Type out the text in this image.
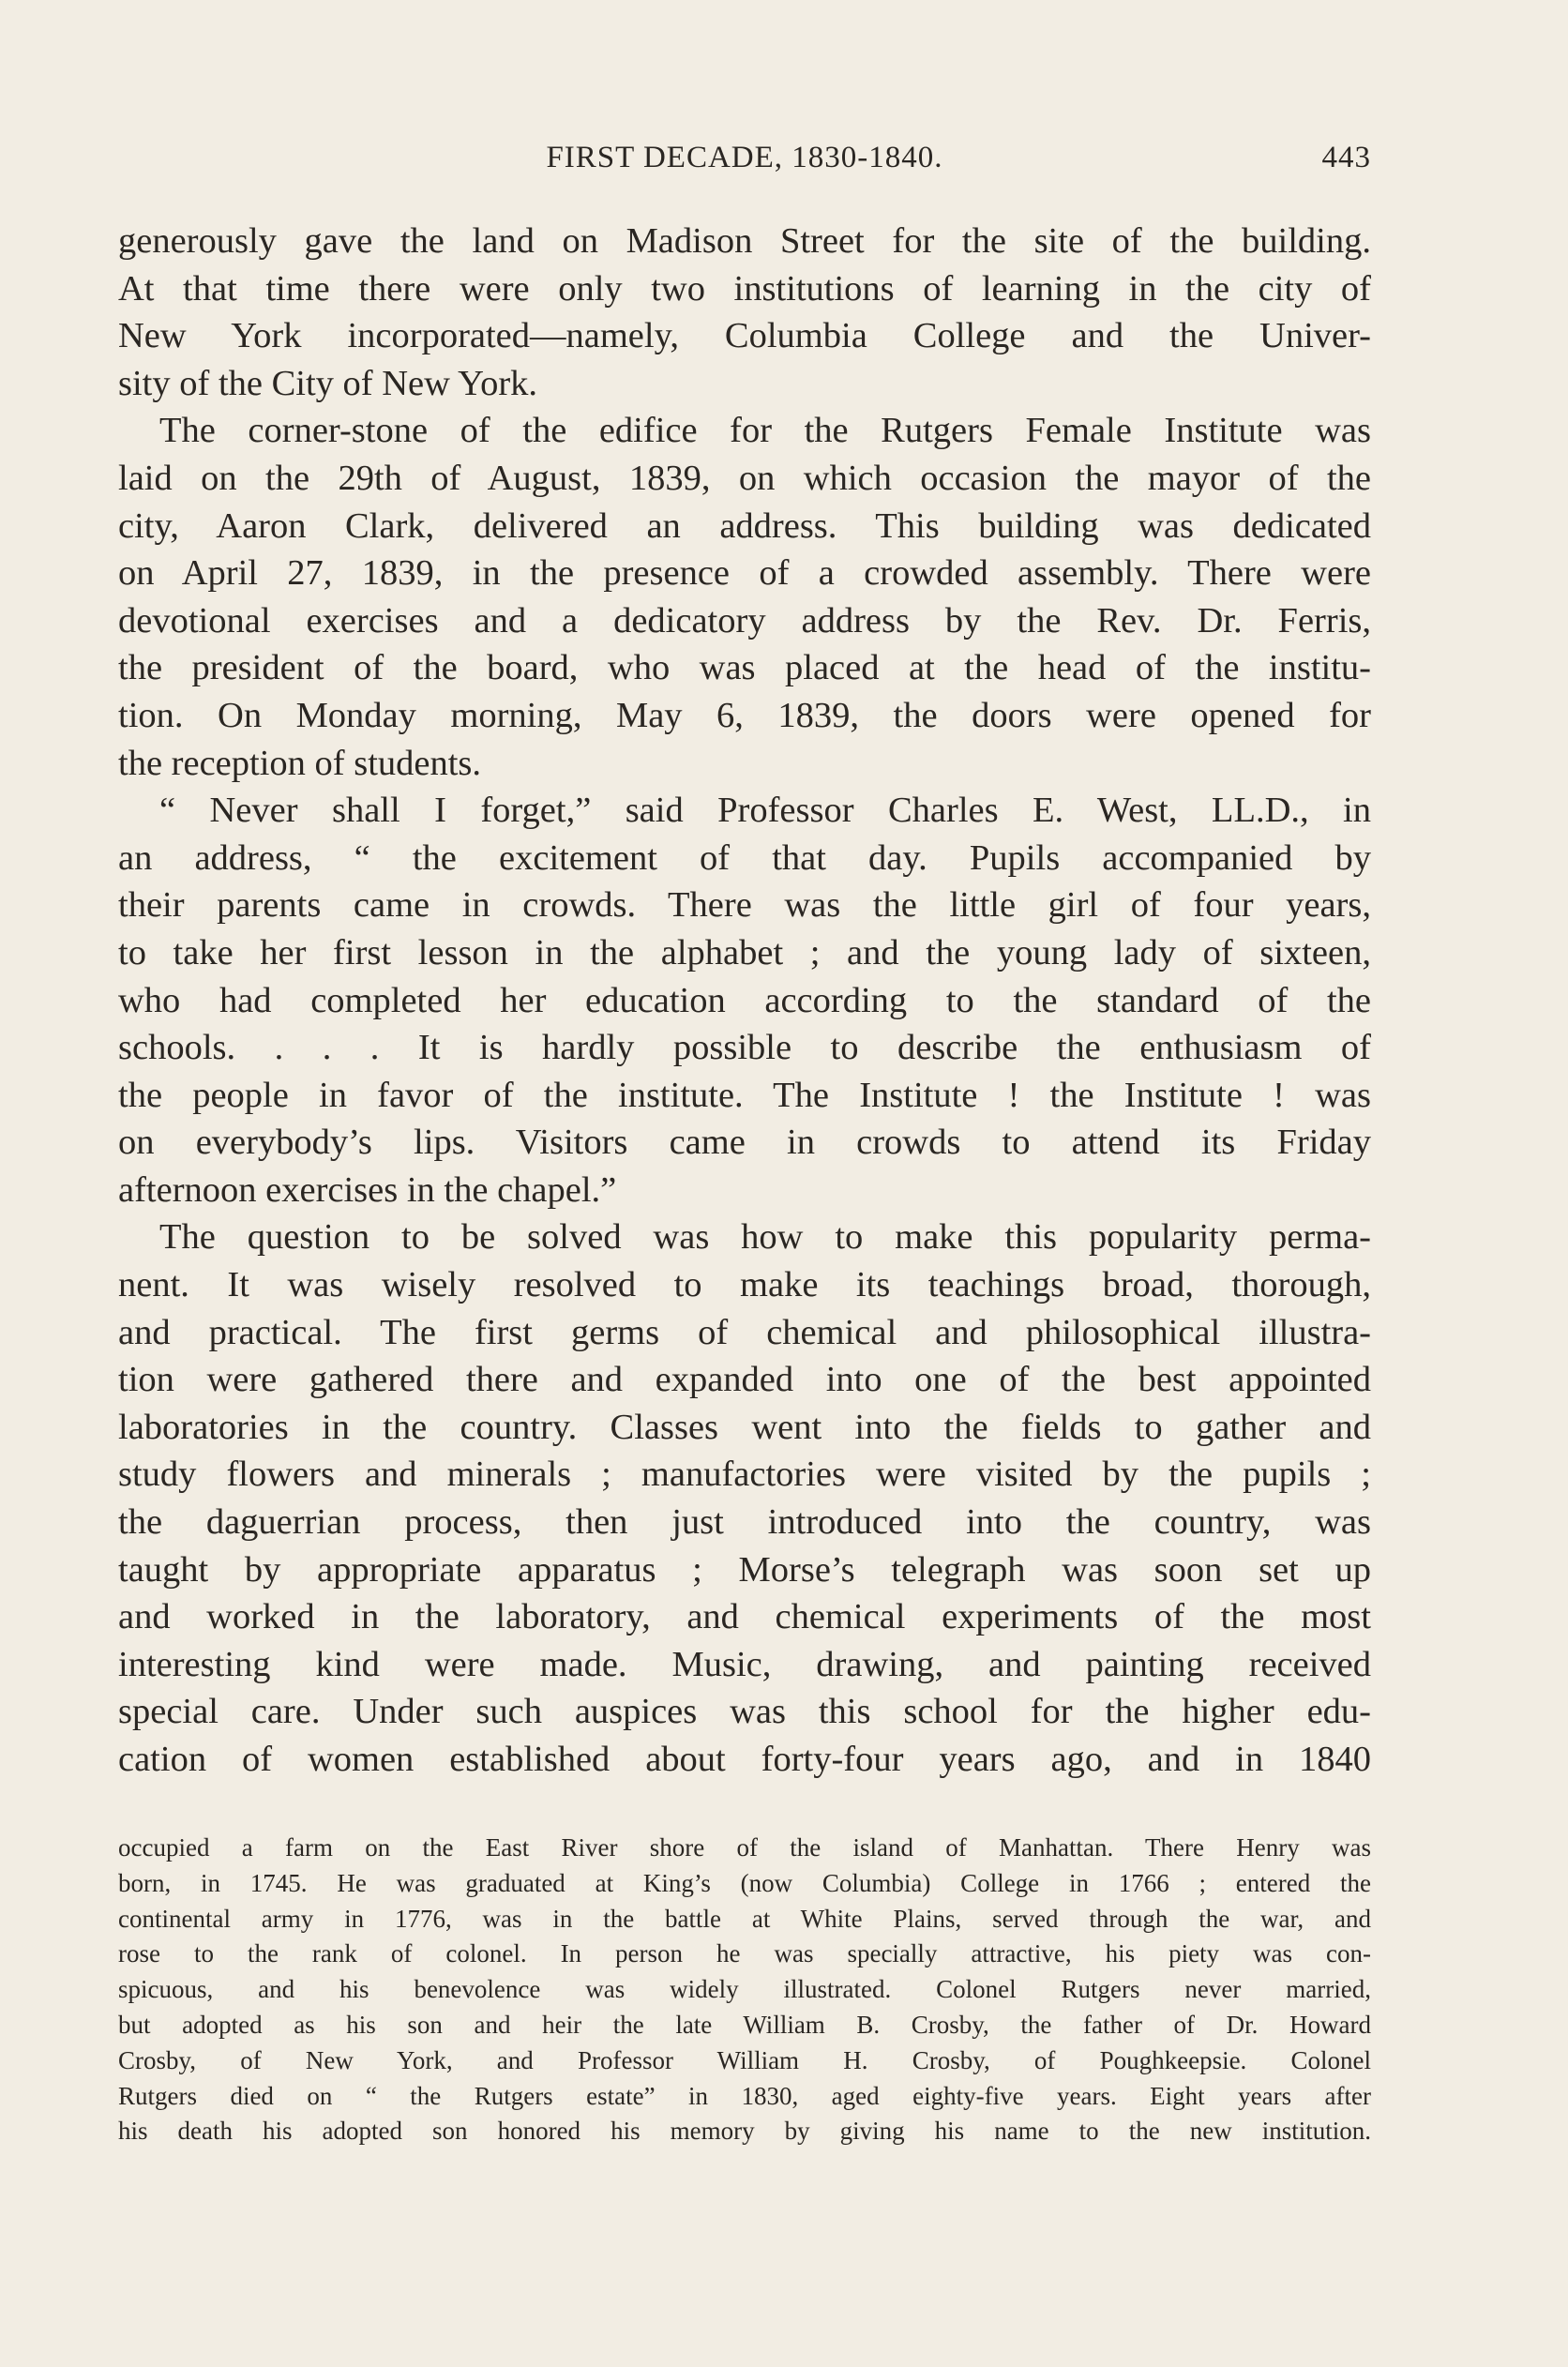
FIRST DECADE, 1830-1840.	443
generously gave the land on Madison Street for the site of the building.
At that time there were only two institutions of learning in the city of
New York incorporated—namely, Columbia College and the Univer-
sity of the City of New York.
The corner-stone of the edifice for the Rutgers Female Institute was
laid on the 29th of August, 1839, on which occasion the mayor of the
city, Aaron Clark, delivered an address. This building was dedicated
on April 27, 1839, in the presence of a crowded assembly. There were
devotional exercises and a dedicatory address by the Rev. Dr. Ferris,
the president of the board, who was placed at the head of the institu-
tion. On Monday morning, May 6, 1839, the doors were opened for
the reception of students.
“ Never shall I forget,” said Professor Charles E. West, LL.D., in
an address, “ the excitement of that day. Pupils accompanied by
their parents came in crowds. There was the little girl of four years,
to take her first lesson in the alphabet ; and the young lady of sixteen,
who had completed her education according to the standard of the
schools. . . . It is hardly possible to describe the enthusiasm of
the people in favor of the institute. The Institute ! the Institute ! was
on everybody’s lips. Visitors came in crowds to attend its Friday
afternoon exercises in the chapel.”
The question to be solved was how to make this popularity perma-
nent. It was wisely resolved to make its teachings broad, thorough,
and practical. The first germs of chemical and philosophical illustra-
tion were gathered there and expanded into one of the best appointed
laboratories in the country. Classes went into the fields to gather and
study flowers and minerals ; manufactories were visited by the pupils ;
the daguerrian process, then just introduced into the country, was
taught by appropriate apparatus ; Morse’s telegraph was soon set up
and worked in the laboratory, and chemical experiments of the most
interesting kind were made. Music, drawing, and painting received
special care. Under such auspices was this school for the higher edu-
cation of women established about forty-four years ago, and in 1840
occupied a farm on the East River shore of the island of Manhattan. There Henry was
born, in 1745. He was graduated at King’s (now Columbia) College in 1766 ; entered the
continental army in 1776, was in the battle at White Plains, served through the war, and
rose to the rank of colonel. In person he was specially attractive, his piety was con-
spicuous, and his benevolence was widely illustrated. Colonel Rutgers never married,
but adopted as his son and heir the late William B. Crosby, the father of Dr. Howard
Crosby, of New York, and Professor William H. Crosby, of Poughkeepsie. Colonel
Rutgers died on “ the Rutgers estate” in 1830, aged eighty-five years. Eight years after
his death his adopted son honored his memory by giving his name to the new institution.
